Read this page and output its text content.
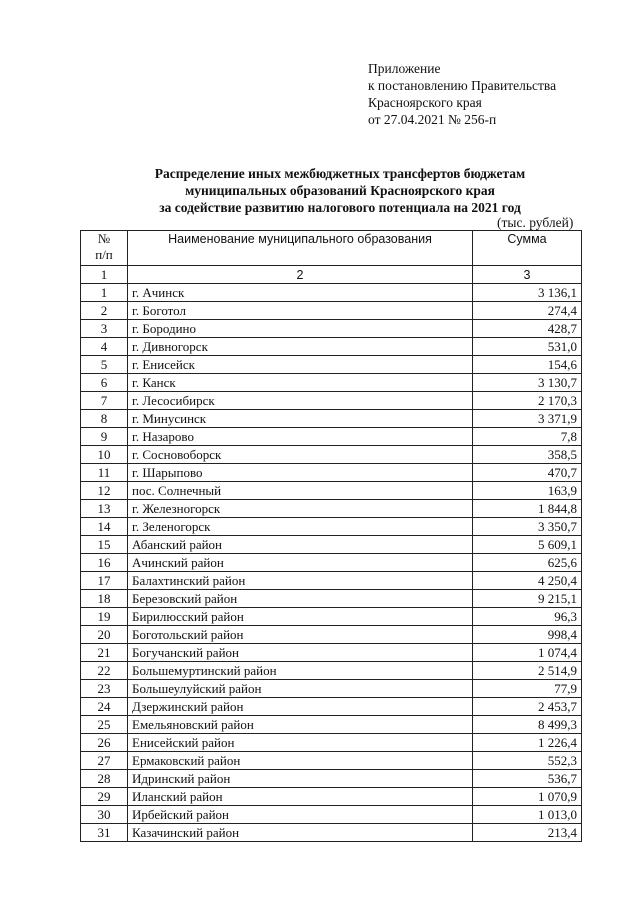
Приложение
к постановлению Правительства
Красноярского края
от 27.04.2021 № 256-п
Распределение иных межбюджетных трансфертов бюджетам
муниципальных образований Красноярского края
за содействие развитию налогового потенциала на 2021 год
(тыс. рублей)
№
п/п	Наименование муниципального образования	Сумма
1	2	3
1	г. Ачинск	3 136,1
2	г. Боготол	274,4
3	г. Бородино	428,7
4	г. Дивногорск	531,0
5	г. Енисейск	154,6
6	г. Канск	3 130,7
7	г. Лесосибирск	2 170,3
8	г. Минусинск	3 371,9
9	г. Назарово	7,8
10	г. Сосновоборск	358,5
11	г. Шарыпово	470,7
12	пос. Солнечный	163,9
13	г. Железногорск	1 844,8
14	г. Зеленогорск	3 350,7
15	Абанский район	5 609,1
16	Ачинский район	625,6
17	Балахтинский район	4 250,4
18	Березовский район	9 215,1
19	Бирилюсский район	96,3
20	Боготольский район	998,4
21	Богучанский район	1 074,4
22	Большемуртинский район	2 514,9
23	Большеулуйский район	77,9
24	Дзержинский район	2 453,7
25	Емельяновский район	8 499,3
26	Енисейский район	1 226,4
27	Ермаковский район	552,3
28	Идринский район	536,7
29	Иланский район	1 070,9
30	Ирбейский район	1 013,0
31	Казачинский район	213,4
